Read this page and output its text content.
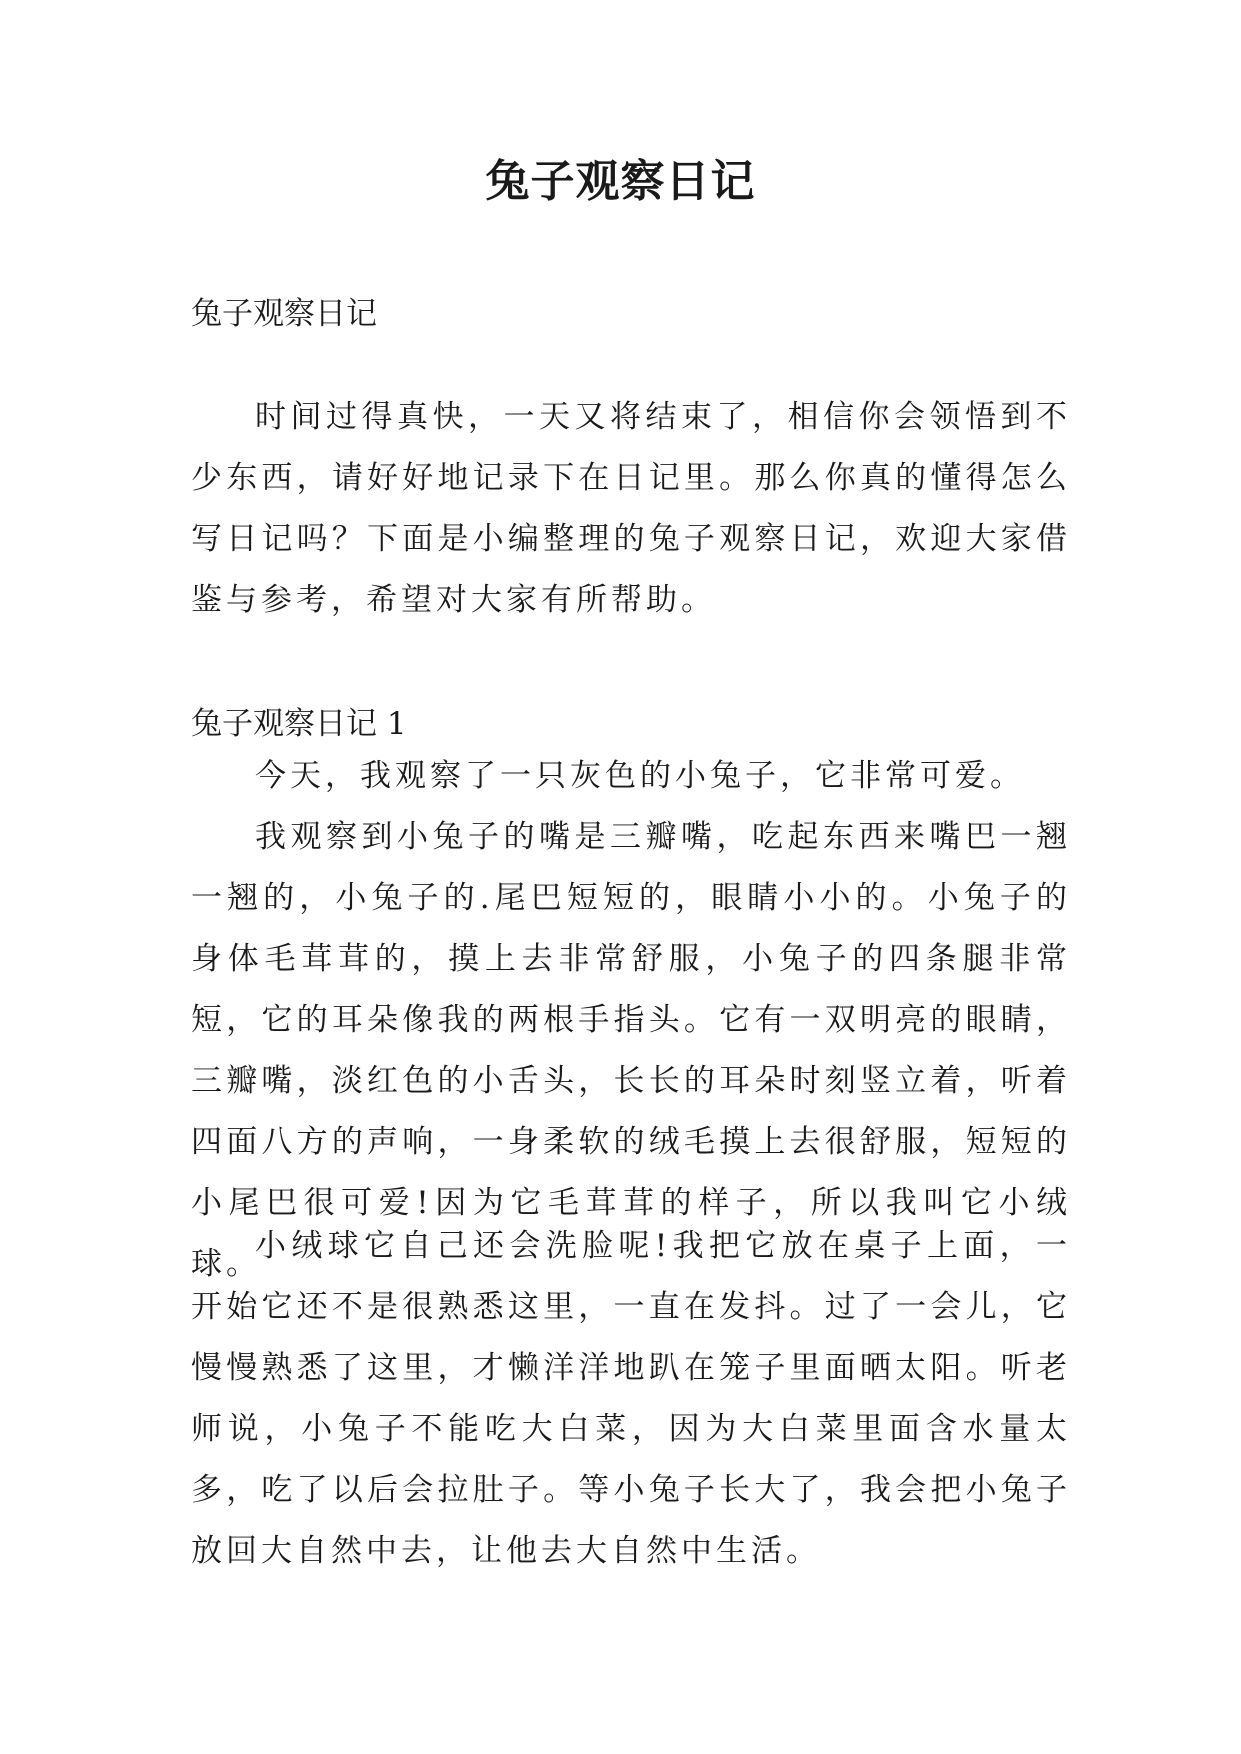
兔子观察日记
兔子观察日记
时间过得真快，一天又将结束了，相信你会领悟到不少东西，请好好地记录下在日记里。那么你真的懂得怎么写日记吗？下面是小编整理的兔子观察日记，欢迎大家借鉴与参考，希望对大家有所帮助。
兔子观察日记 1
今天，我观察了一只灰色的小兔子，它非常可爱。
我观察到小兔子的嘴是三瓣嘴，吃起东西来嘴巴一翘一翘的，小兔子的.尾巴短短的，眼睛小小的。小兔子的身体毛茸茸的，摸上去非常舒服，小兔子的四条腿非常短，它的耳朵像我的两根手指头。它有一双明亮的眼睛，三瓣嘴，淡红色的小舌头，长长的耳朵时刻竖立着，听着四面八方的声响，一身柔软的绒毛摸上去很舒服，短短的小尾巴很可爱!因为它毛茸茸的样子，所以我叫它小绒球。
小绒球它自己还会洗脸呢!我把它放在桌子上面，一开始它还不是很熟悉这里，一直在发抖。过了一会儿，它慢慢熟悉了这里，才懒洋洋地趴在笼子里面晒太阳。听老师说，小兔子不能吃大白菜，因为大白菜里面含水量太多，吃了以后会拉肚子。等小兔子长大了，我会把小兔子放回大自然中去，让他去大自然中生活。
